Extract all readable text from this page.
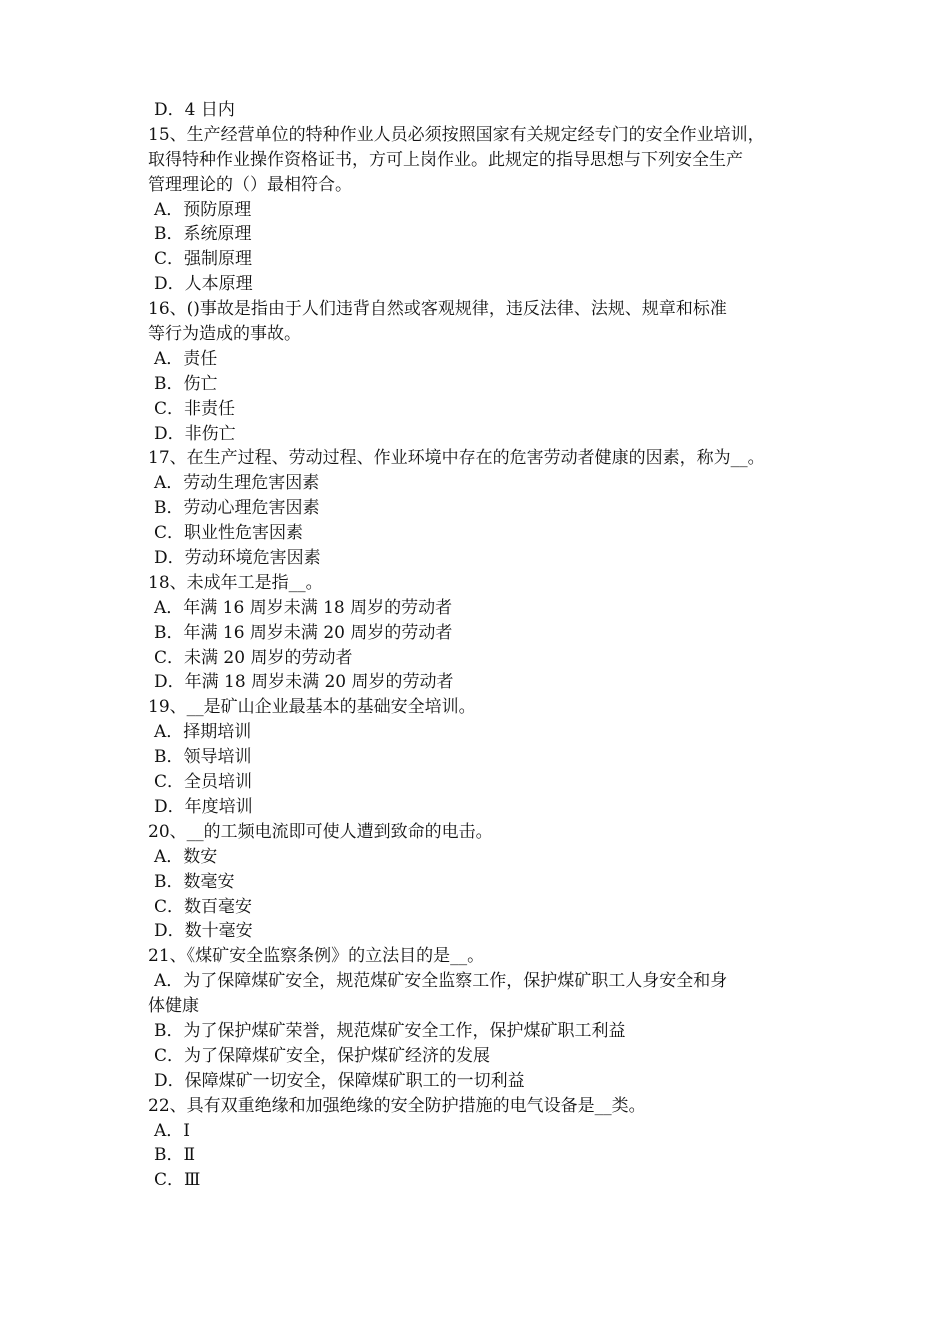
D．4 日内
15、生产经营单位的特种作业人员必须按照国家有关规定经专门的安全作业培训，
取得特种作业操作资格证书，方可上岗作业。此规定的指导思想与下列安全生产
管理理论的（）最相符合。
A．预防原理
B．系统原理
C．强制原理
D．人本原理
16、()事故是指由于人们违背自然或客观规律，违反法律、法规、规章和标准
等行为造成的事故。
A．责任
B．伤亡
C．非责任
D．非伤亡
17、在生产过程、劳动过程、作业环境中存在的危害劳动者健康的因素，称为__。
A．劳动生理危害因素
B．劳动心理危害因素
C．职业性危害因素
D．劳动环境危害因素
18、未成年工是指__。
A．年满 16 周岁未满 18 周岁的劳动者
B．年满 16 周岁未满 20 周岁的劳动者
C．未满 20 周岁的劳动者
D．年满 18 周岁未满 20 周岁的劳动者
19、__是矿山企业最基本的基础安全培训。
A．择期培训
B．领导培训
C．全员培训
D．年度培训
20、__的工频电流即可使人遭到致命的电击。
A．数安
B．数毫安
C．数百毫安
D．数十毫安
21、《煤矿安全监察条例》的立法目的是__。
A．为了保障煤矿安全，规范煤矿安全监察工作，保护煤矿职工人身安全和身
体健康
B．为了保护煤矿荣誉，规范煤矿安全工作，保护煤矿职工利益
C．为了保障煤矿安全，保护煤矿经济的发展
D．保障煤矿一切安全，保障煤矿职工的一切利益
22、具有双重绝缘和加强绝缘的安全防护措施的电气设备是__类。
A．Ⅰ
B．Ⅱ
C．Ⅲ
